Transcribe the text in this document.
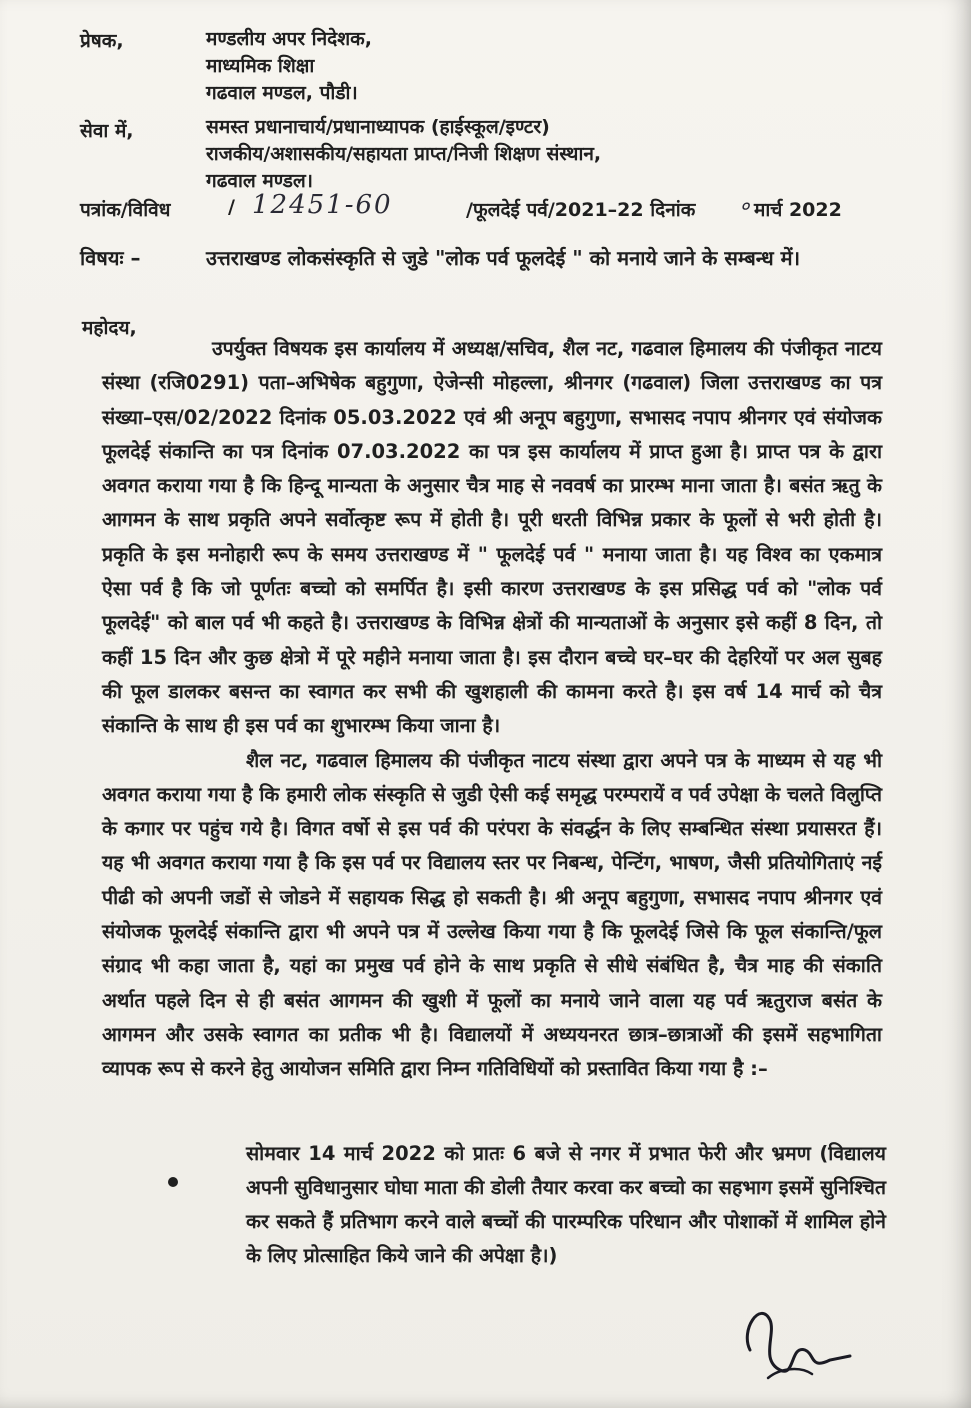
प्रेषक,	मण्डलीय अपर निदेशक,
माध्यमिक शिक्षा
गढवाल मण्डल, पौडी।
सेवा में,	समस्त प्रधानाचार्य/प्रधानाध्यापक (हाईस्कूल/इण्टर)
राजकीय/अशासकीय/सहायता प्राप्त/निजी शिक्षण संस्थान,
गढवाल मण्डल।
पत्रांक/विविध	/ 12451-60	/फूलदेई पर्व/2021–22 दिनांक ० मार्च 2022
विषयः –	उत्तराखण्ड लोकसंस्कृति से जुडे "लोक पर्व फूलदेई " को मनाये जाने के सम्बन्ध में।
महोदय,

उपर्युक्त विषयक इस कार्यालय में अध्यक्ष/सचिव, शैल नट, गढवाल हिमालय की पंजीकृत नाटय संस्था (रजि0291) पता–अभिषेक बहुगुणा, ऐजेन्सी मोहल्ला, श्रीनगर (गढवाल) जिला उत्तराखण्ड का पत्र संख्या–एस/02/2022 दिनांक 05.03.2022 एवं श्री अनूप बहुगुणा, सभासद नपाप श्रीनगर एवं संयोजक फूलदेई संकान्ति का पत्र दिनांक 07.03.2022 का पत्र इस कार्यालय में प्राप्त हुआ है। प्राप्त पत्र के द्वारा अवगत कराया गया है कि हिन्दू मान्यता के अनुसार चैत्र माह से नववर्ष का प्रारम्भ माना जाता है। बसंत ऋतु के आगमन के साथ प्रकृति अपने सर्वोत्कृष्ट रूप में होती है। पूरी धरती विभिन्न प्रकार के फूलों से भरी होती है। प्रकृति के इस मनोहारी रूप के समय उत्तराखण्ड में " फूलदेई पर्व " मनाया जाता है। यह विश्व का एकमात्र ऐसा पर्व है कि जो पूर्णतः बच्चो को समर्पित है। इसी कारण उत्तराखण्ड के इस प्रसिद्ध पर्व को "लोक पर्व फूलदेई" को बाल पर्व भी कहते है। उत्तराखण्ड के विभिन्न क्षेत्रों की मान्यताओं के अनुसार इसे कहीं 8 दिन, तो कहीं 15 दिन और कुछ क्षेत्रो में पूरे महीने मनाया जाता है। इस दौरान बच्चे घर–घर की देहरियों पर अल सुबह की फूल डालकर बसन्त का स्वागत कर सभी की खुशहाली की कामना करते है। इस वर्ष 14 मार्च को चैत्र संकान्ति के साथ ही इस पर्व का शुभारम्भ किया जाना है।

शैल नट, गढवाल हिमालय की पंजीकृत नाटय संस्था द्वारा अपने पत्र के माध्यम से यह भी अवगत कराया गया है कि हमारी लोक संस्कृति से जुडी ऐसी कई समृद्ध परम्परायें व पर्व उपेक्षा के चलते विलुप्ति के कगार पर पहुंच गये है। विगत वर्षो से इस पर्व की परंपरा के संवर्द्धन के लिए सम्बन्धित संस्था प्रयासरत हैं। यह भी अवगत कराया गया है कि इस पर्व पर विद्यालय स्तर पर निबन्ध, पेन्टिंग, भाषण, जैसी प्रतियोगिताएं नई पीढी को अपनी जडों से जोडने में सहायक सिद्ध हो सकती है। श्री अनूप बहुगुणा, सभासद नपाप श्रीनगर एवं संयोजक फूलदेई संकान्ति द्वारा भी अपने पत्र में उल्लेख किया गया है कि फूलदेई जिसे कि फूल संकान्ति/फूल संग्राद भी कहा जाता है, यहां का प्रमुख पर्व होने के साथ प्रकृति से सीधे संबंधित है, चैत्र माह की संकाति अर्थात पहले दिन से ही बसंत आगमन की खुशी में फूलों का मनाये जाने वाला यह पर्व ऋतुराज बसंत के आगमन और उसके स्वागत का प्रतीक भी है। विद्यालयों में अध्ययनरत छात्र–छात्राओं की इसमें सहभागिता व्यापक रूप से करने हेतु आयोजन समिति द्वारा निम्न गतिविधियों को प्रस्तावित किया गया है :–

सोमवार 14 मार्च 2022 को प्रातः 6 बजे से नगर में प्रभात फेरी और भ्रमण (विद्यालय अपनी सुविधानुसार घोघा माता की डोली तैयार करवा कर बच्चो का सहभाग इसमें सुनिश्चित कर सकते हैं प्रतिभाग करने वाले बच्चों की पारम्परिक परिधान और पोशाकों में शामिल होने के लिए प्रोत्साहित किये जाने की अपेक्षा है।)
